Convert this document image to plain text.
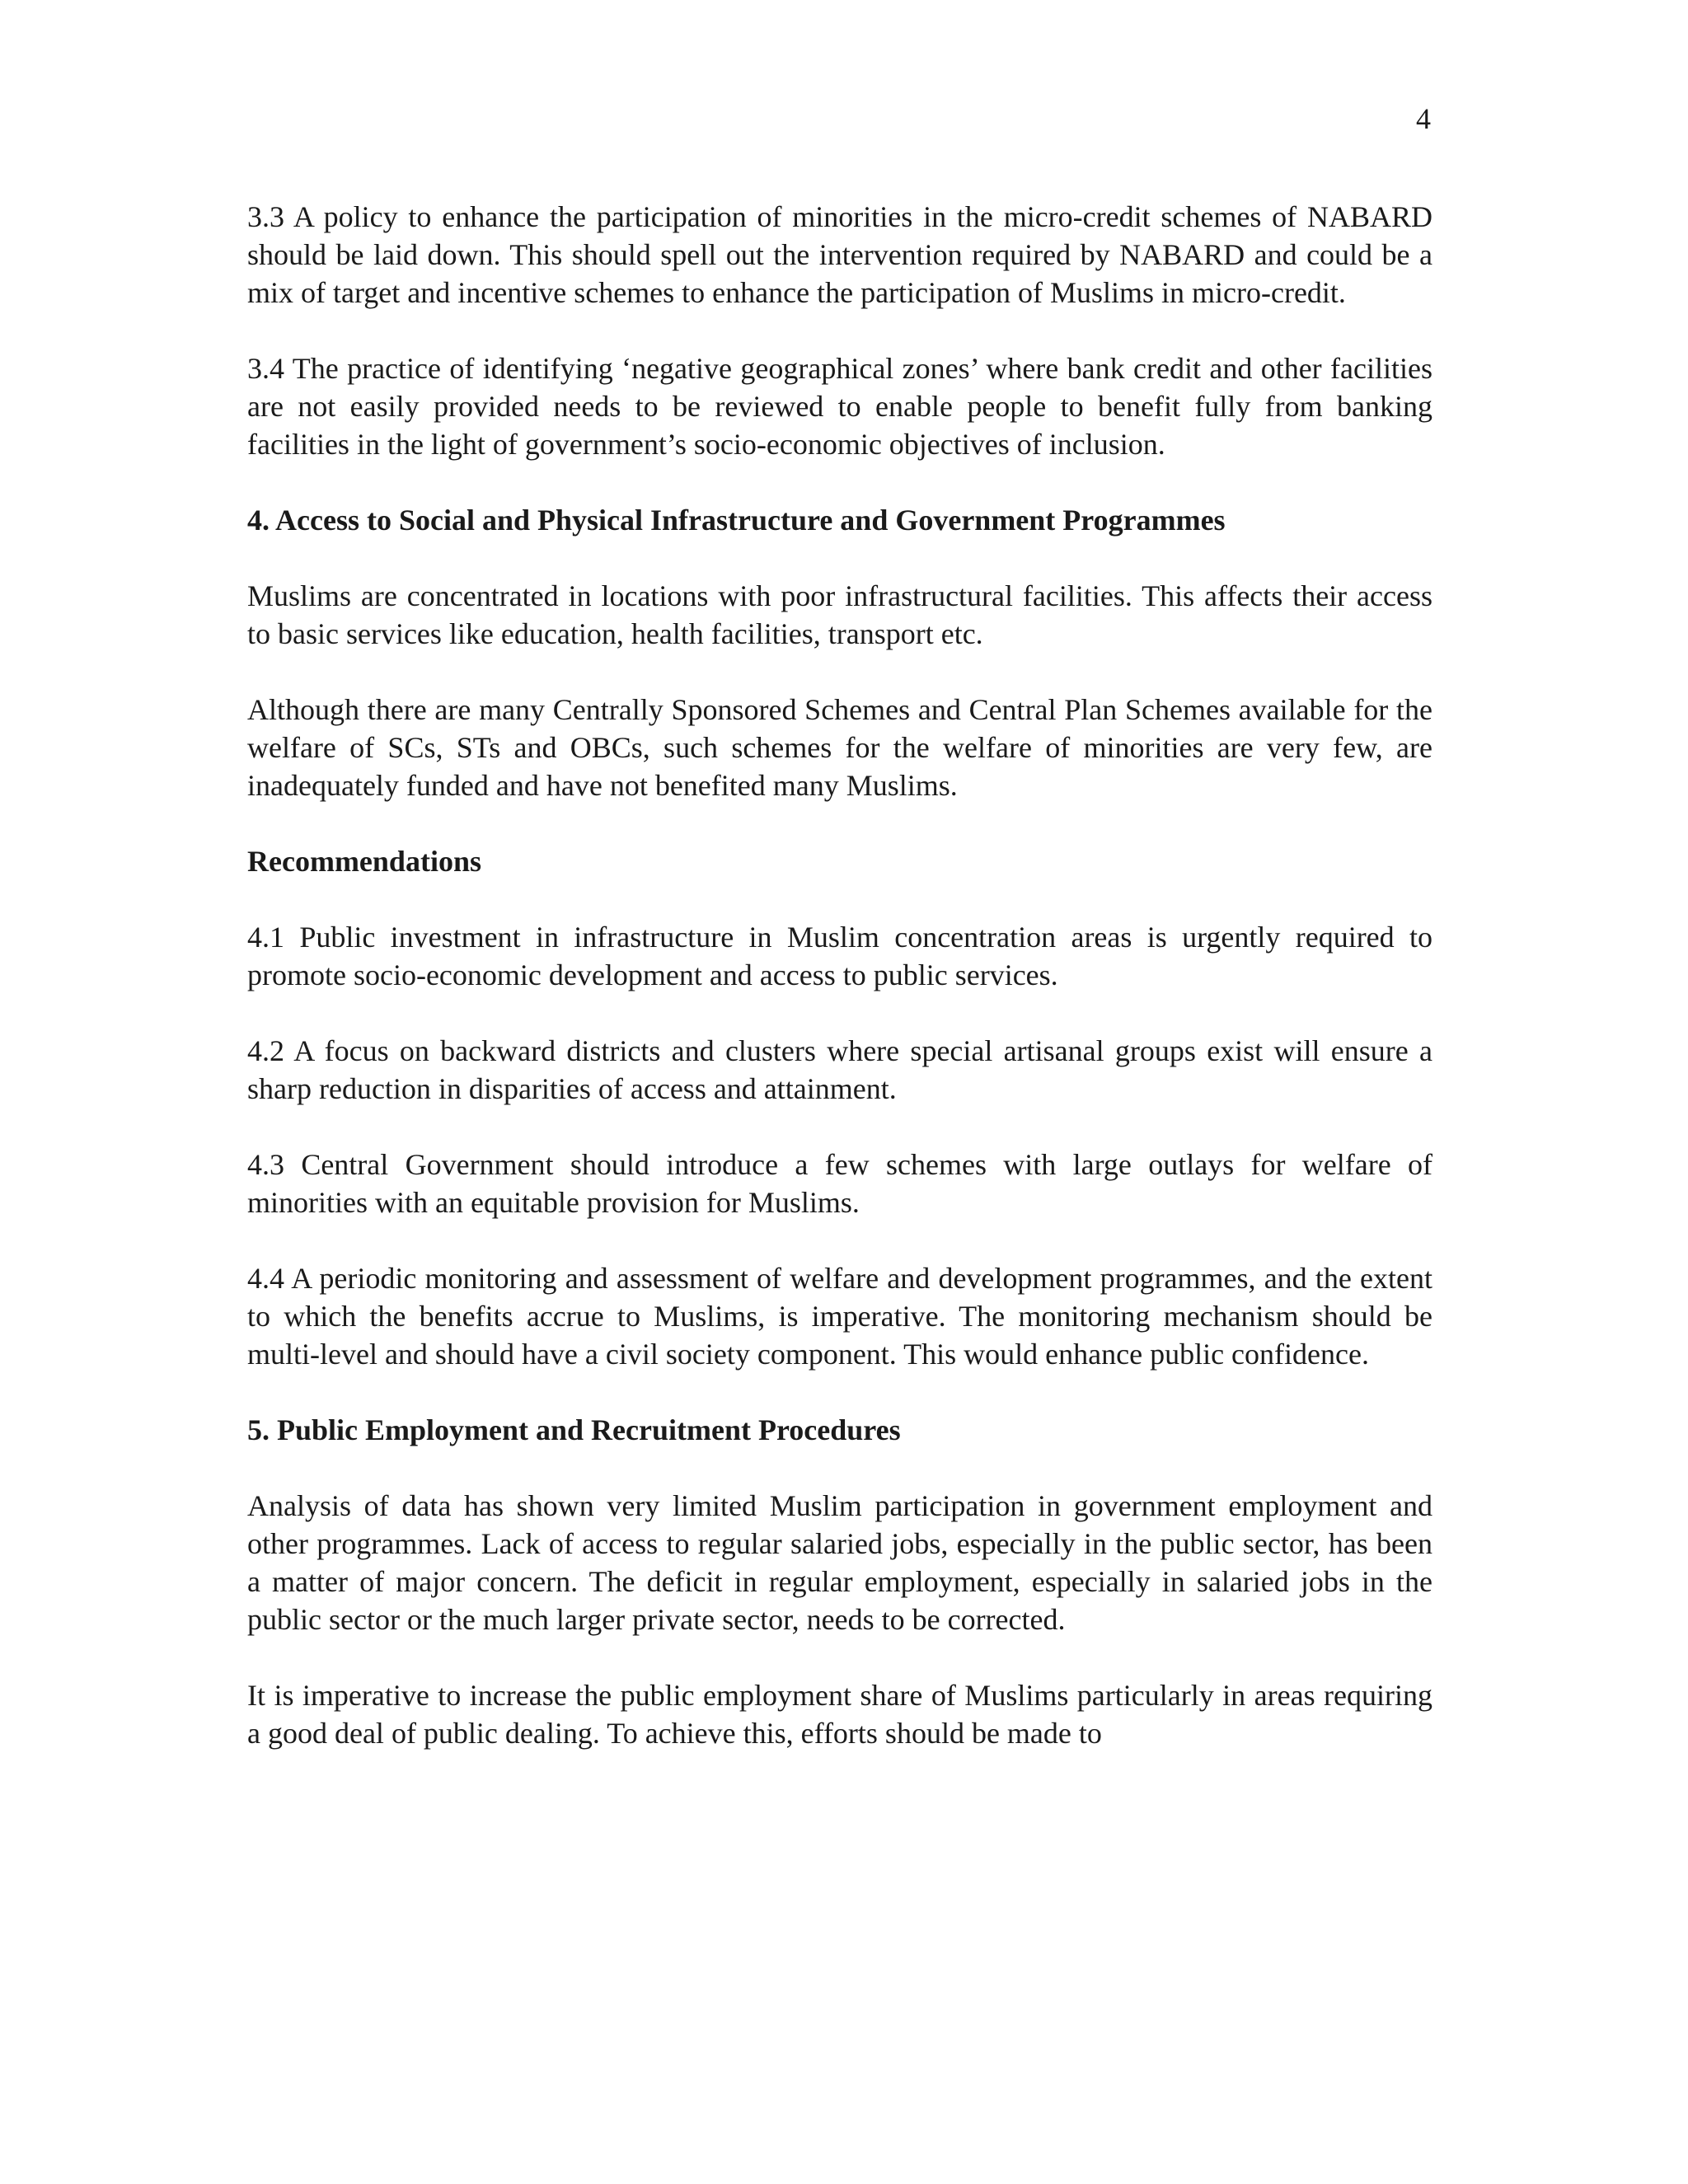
4

3.3 A policy to enhance the participation of minorities in the micro-credit schemes of NABARD should be laid down. This should spell out the intervention required by NABARD and could be a mix of target and incentive schemes to enhance the participation of Muslims in micro-credit.

3.4 The practice of identifying ‘negative geographical zones’ where bank credit and other facilities are not easily provided needs to be reviewed to enable people to benefit fully from banking facilities in the light of government’s socio-economic objectives of inclusion.

4. Access to Social and Physical Infrastructure and Government Programmes

Muslims are concentrated in locations with poor infrastructural facilities. This affects their access to basic services like education, health facilities, transport etc.

Although there are many Centrally Sponsored Schemes and Central Plan Schemes available for the welfare of SCs, STs and OBCs, such schemes for the welfare of minorities are very few, are inadequately funded and have not benefited many Muslims.

Recommendations

4.1 Public investment in infrastructure in Muslim concentration areas is urgently required to promote socio-economic development and access to public services.

4.2 A focus on backward districts and clusters where special artisanal groups exist will ensure a sharp reduction in disparities of access and attainment.

4.3 Central Government should introduce a few schemes with large outlays for welfare of minorities with an equitable provision for Muslims.

4.4 A periodic monitoring and assessment of welfare and development programmes, and the extent to which the benefits accrue to Muslims, is imperative. The monitoring mechanism should be multi-level and should have a civil society component. This would enhance public confidence.

5. Public Employment and Recruitment Procedures

Analysis of data has shown very limited Muslim participation in government employment and other programmes. Lack of access to regular salaried jobs, especially in the public sector, has been a matter of major concern. The deficit in regular employment, especially in salaried jobs in the public sector or the much larger private sector, needs to be corrected.

It is imperative to increase the public employment share of Muslims particularly in areas requiring a good deal of public dealing. To achieve this, efforts should be made to
